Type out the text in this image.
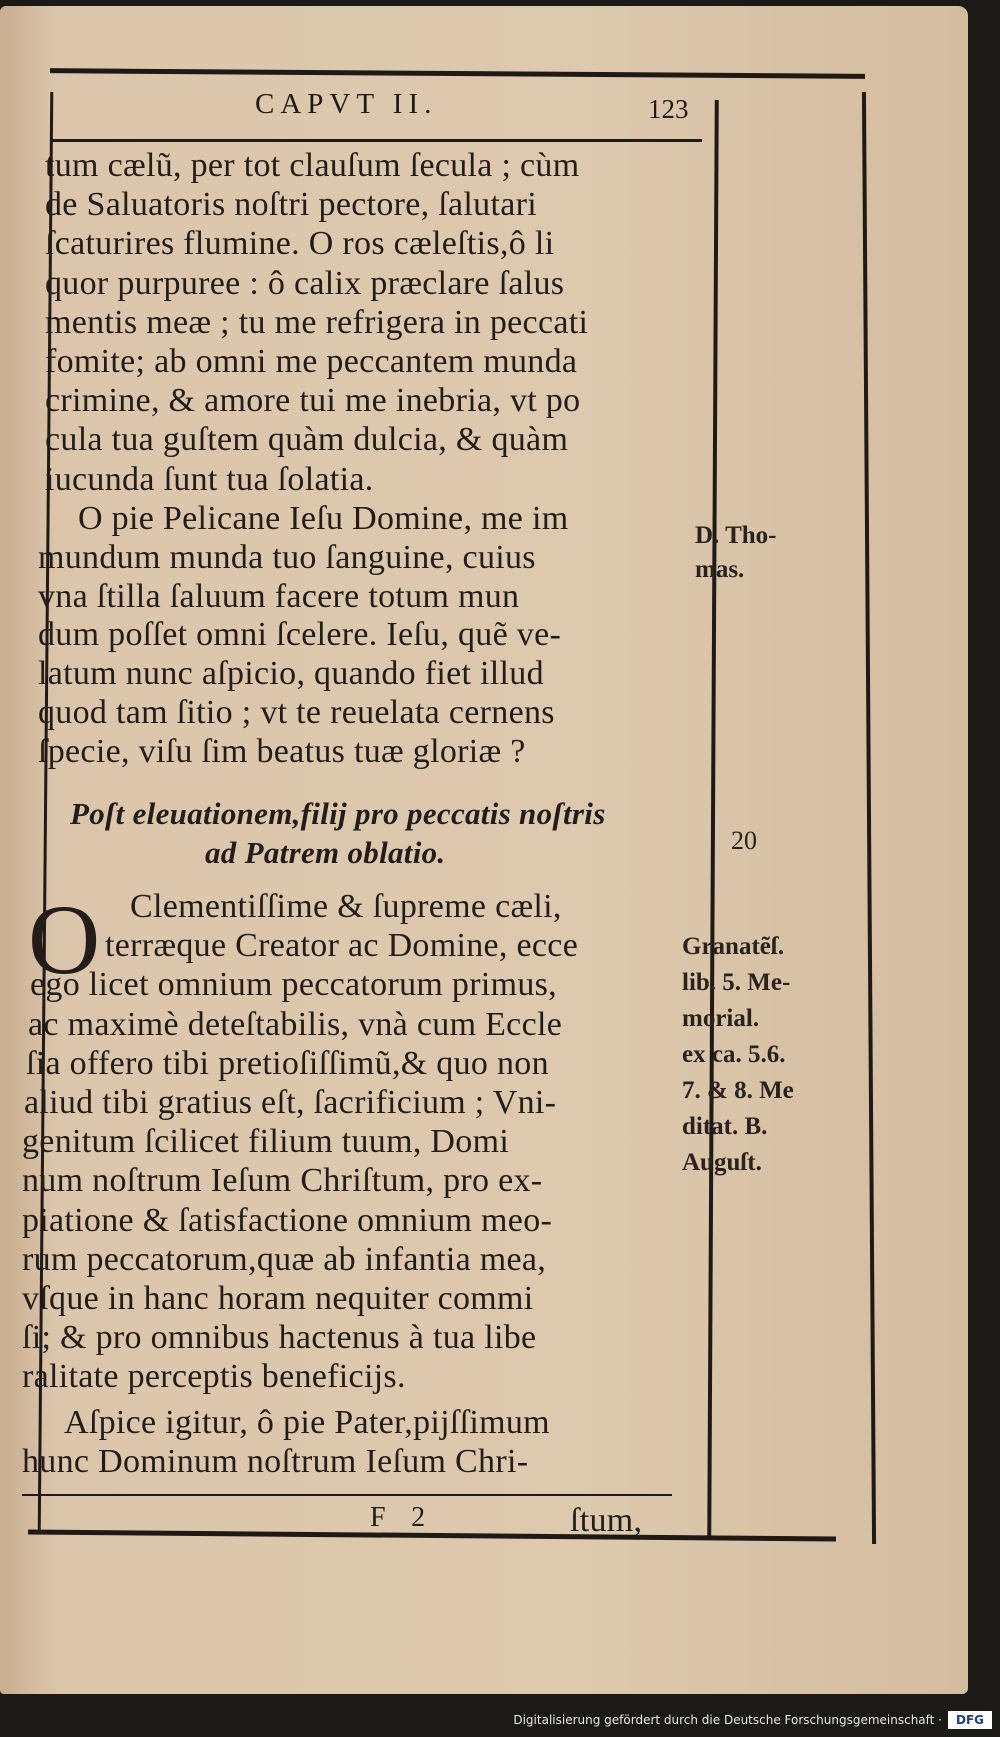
CAPVT II.	123
tum cælũ, per tot clauſum ſecula ; cùm
de Saluatoris noſtri pectore, ſalutari
ſcaturires flumine. O ros cæleſtis,ô li
quor purpuree : ô calix præclare ſalus
mentis meæ ; tu me refrigera in peccati
fomite; ab omni me peccantem munda
crimine, & amore tui me inebria, vt po
cula tua guſtem quàm dulcia, & quàm
iucunda ſunt tua ſolatia.
O pie Pelicane Ieſu Domine, me im
mundum munda tuo ſanguine, cuius
vna ſtilla ſaluum facere totum mun
dum poſſet omni ſcelere. Ieſu, quẽ ve-
latum nunc aſpicio, quando fiet illud
quod tam ſitio ; vt te reuelata cernens
ſpecie, viſu ſim beatus tuæ gloriæ ?
Poſt eleuationem,filij pro peccatis noſtris
ad Patrem oblatio.
O Clementiſſime & ſupreme cæli,
terræque Creator ac Domine, ecce
ego licet omnium peccatorum primus,
ac maximè deteſtabilis, vnà cum Eccle
ſia offero tibi pretioſiſſimũ,& quo non
aliud tibi gratius eſt, ſacrificium ; Vni-
genitum ſcilicet filium tuum, Domi
num noſtrum Ieſum Chriſtum, pro ex-
piatione & ſatisfactione omnium meo-
rum peccatorum,quæ ab infantia mea,
vſque in hanc horam nequiter commi
ſi; & pro omnibus hactenus à tua libe
ralitate perceptis beneficijs.
Aſpice igitur, ô pie Pater,pijſſimum
hunc Dominum noſtrum Ieſum Chri-
D. Tho-
mas.
20
Granatẽſ.
lib. 5. Me-
morial.
ex ca. 5.6.
7. & 8. Me
ditat. B.
Auguſt.
F 2	ſtum,
Digitalisierung gefördert durch die Deutsche Forschungsgemeinschaft ·	DFG
